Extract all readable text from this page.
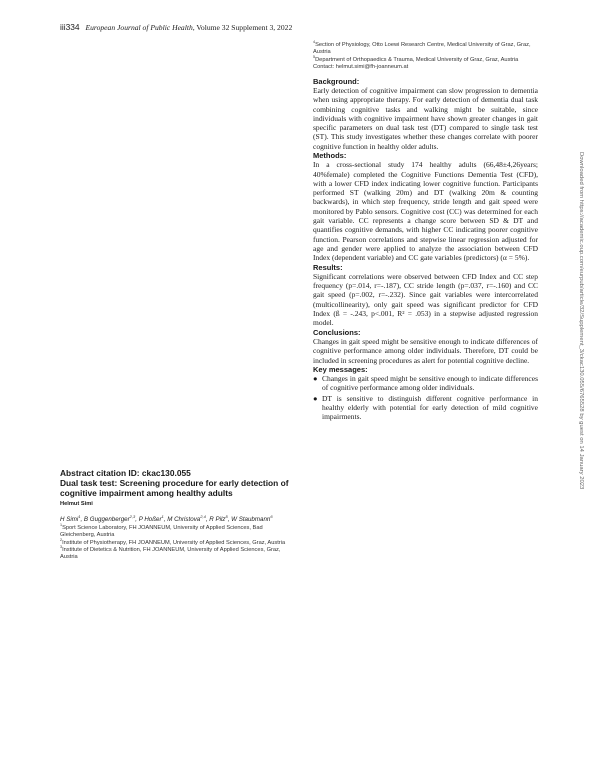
iii334 European Journal of Public Health, Volume 32 Supplement 3, 2022

Abstract citation ID: ckac130.055

Dual task test: Screening procedure for early detection of cognitive impairment among healthy adults

Helmut Simi

H Simi$^1$, B Guggenberger$^{2,3}$, P Hoßer$^1$, M Christova$^{2,4}$, R Pilz$^5$, W Staubmann$^6$

$^1$Sport Science Laboratory, FH JOANNEUM, University of Applied Sciences, Bad Gleichenberg, Austria

$^2$Institute of Physiotherapy, FH JOANNEUM, University of Applied Sciences, Graz, Austria

$^3$Institute of Dietetics & Nutrition, FH JOANNEUM, University of Applied Sciences, Graz, Austria

$^4$Section of Physiology, Otto Loewi Research Centre, Medical University of Graz, Graz, Austria

$^5$Department of Orthopaedics & Trauma, Medical University of Graz, Graz, Austria

Contact: helmut.simi@fh-joanneum.at

Background:

Early detection of cognitive impairment can slow progression to dementia when using appropriate therapy. For early detection of dementia dual task combining cognitive tasks and walking might be suitable, since individuals with cognitive impairment have shown greater changes in gait specific parameters on dual task test (DT) compared to single task test (ST). This study investigates whether these changes correlate with poorer cognitive function in healthy older adults.

Methods:

In a cross-sectional study 174 healthy adults (66,48±4,26years; 40%female) completed the Cognitive Functions Dementia Test (CFD), with a lower CFD index indicating lower cognitive function. Participants performed ST (walking 20m) and DT (walking 20m & counting backwards), in which step frequency, stride length and gait speed were monitored by Pablo sensors. Cognitive cost (CC) was determined for each gait variable. CC represents a change score between SD & DT and quantifies cognitive demands, with higher CC indicating poorer cognitive function. Pearson correlations and stepwise linear regression adjusted for age and gender were applied to analyze the association between CFD Index (dependent variable) and CC gate variables (predictors) (α = 5%).

Results:

Significant correlations were observed between CFD Index and CC step frequency (p=.014, r=-.187), CC stride length (p=.037, r=-.160) and CC gait speed (p=.002, r=-.232). Since gait variables were intercorrelated (multicollinearity), only gait speed was significant predictor for CFD Index (ß = -.243, p<.001, R² = .053) in a stepwise adjusted regression model.

Conclusions:

Changes in gait speed might be sensitive enough to indicate differences of cognitive performance among older individuals. Therefore, DT could be included in screening procedures as alert for potential cognitive decline.

Key messages:

● Changes in gait speed might be sensitive enough to indicate differences of cognitive performance among older individuals.
● DT is sensitive to distinguish different cognitive performance in healthy elderly with potential for early detection of mild cognitive impairments.	Downloaded from https://academic.oup.com/eurpub/article/32/Supplement_3/ckac130.055/6765528 by guest on 14 January 2023
